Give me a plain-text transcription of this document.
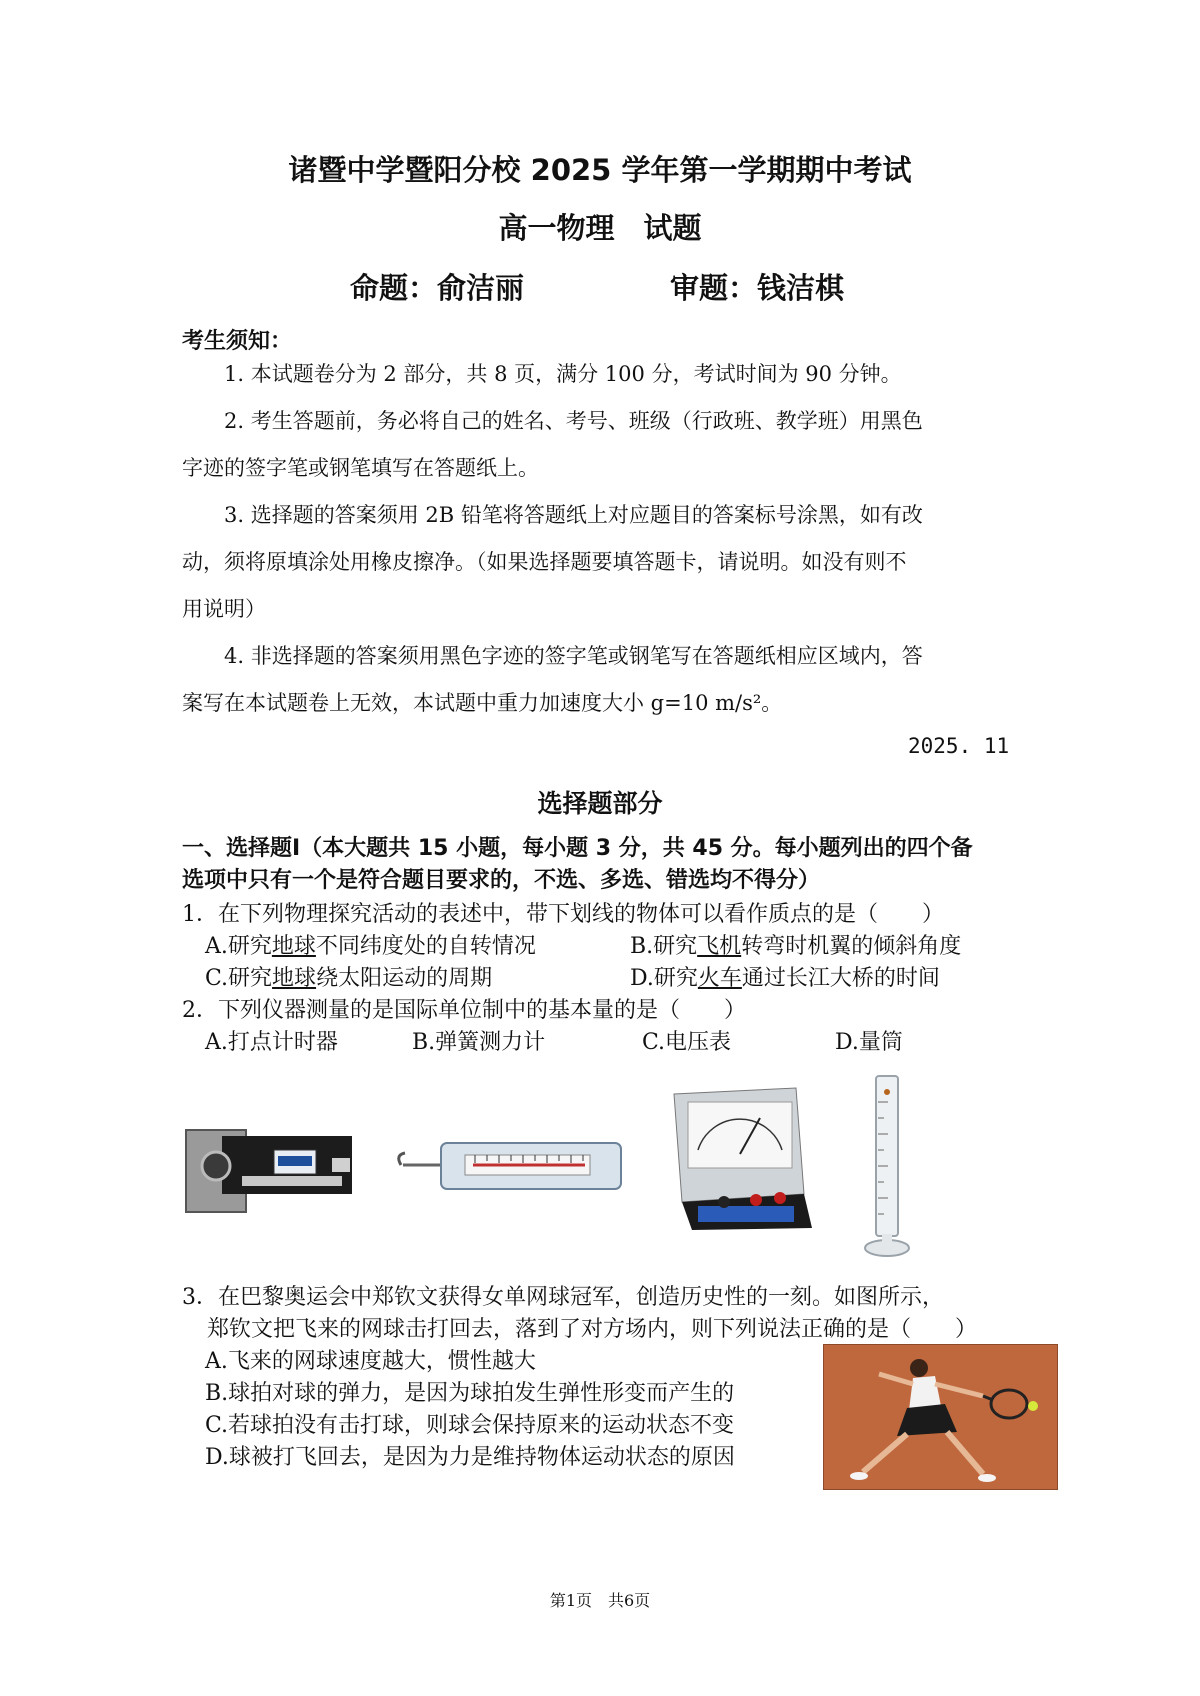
诸暨中学暨阳分校 2025 学年第一学期期中考试
高一物理　试题
命题：俞洁丽	审题：钱洁棋
考生须知：
1. 本试题卷分为 2 部分，共 8 页，满分 100 分，考试时间为 90 分钟。
2. 考生答题前，务必将自己的姓名、考号、班级（行政班、教学班）用黑色
字迹的签字笔或钢笔填写在答题纸上。
3. 选择题的答案须用 2B 铅笔将答题纸上对应题目的答案标号涂黑，如有改
动，须将原填涂处用橡皮擦净。（如果选择题要填答题卡，请说明。如没有则不
用说明）
4. 非选择题的答案须用黑色字迹的签字笔或钢笔写在答题纸相应区域内，答
案写在本试题卷上无效，本试题中重力加速度大小 g=10 m/s²。
2025. 11
选择题部分
一、选择题Ⅰ（本大题共 15 小题，每小题 3 分，共 45 分。每小题列出的四个备
选项中只有一个是符合题目要求的，不选、多选、错选均不得分）
1．在下列物理探究活动的表述中，带下划线的物体可以看作质点的是（　　）
A.研究地球不同纬度处的自转情况	B.研究飞机转弯时机翼的倾斜角度
C.研究地球绕太阳运动的周期	D.研究火车通过长江大桥的时间
2．下列仪器测量的是国际单位制中的基本量的是（　　）
A.打点计时器	B.弹簧测力计	C.电压表	D.量筒
3．在巴黎奥运会中郑钦文获得女单网球冠军，创造历史性的一刻。如图所示，
郑钦文把飞来的网球击打回去，落到了对方场内，则下列说法正确的是（　　）
A.飞来的网球速度越大，惯性越大
B.球拍对球的弹力，是因为球拍发生弹性形变而产生的
C.若球拍没有击打球，则球会保持原来的运动状态不变
D.球被打飞回去，是因为力是维持物体运动状态的原因
第1页　共6页
